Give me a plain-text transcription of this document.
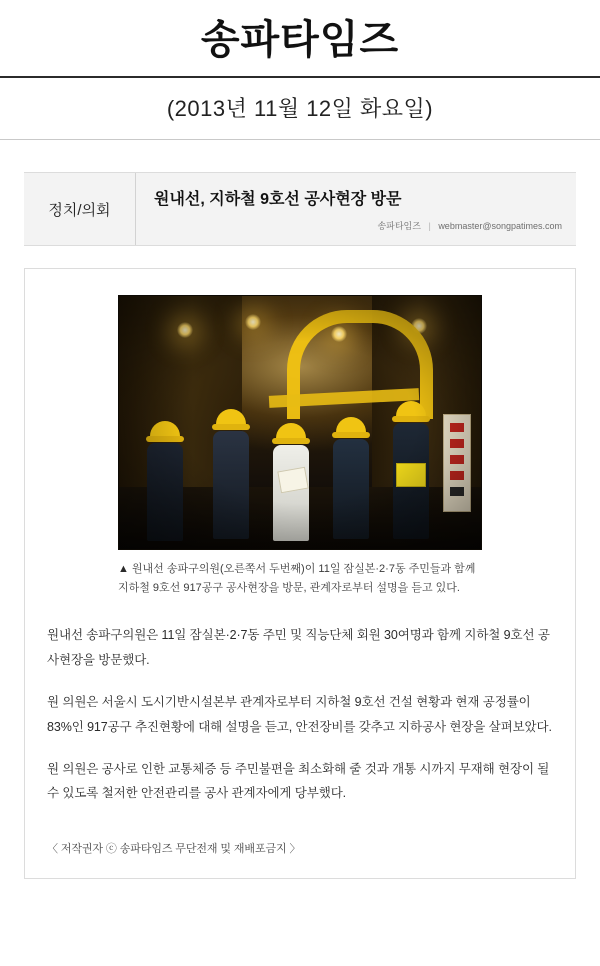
송파타임즈
(2013년 11월 12일 화요일)
정치/의회
원내선, 지하철 9호선 공사현장 방문
송파타임즈 | webmaster@songpatimes.com
▲ 원내선 송파구의원(오른쪽서 두번째)이 11일 잠실본·2·7동 주민들과 함께 지하철 9호선 917공구 공사현장을 방문, 관계자로부터 설명을 듣고 있다.

원내선 송파구의원은 11일 잠실본·2·7동 주민 및 직능단체 회원 30여명과 함께 지하철 9호선 공사현장을 방문했다.

원 의원은 서울시 도시기반시설본부 관계자로부터 지하철 9호선 건설 현황과 현재 공정률이 83%인 917공구 추진현황에 대해 설명을 듣고, 안전장비를 갖추고 지하공사 현장을 살펴보았다.

원 의원은 공사로 인한 교통체증 등 주민불편을 최소화해 줄 것과 개통 시까지 무재해 현장이 될 수 있도록 철저한 안전관리를 공사 관계자에게 당부했다.

〈 저작권자 ⓒ 송파타임즈 무단전재 및 재배포금지 〉
